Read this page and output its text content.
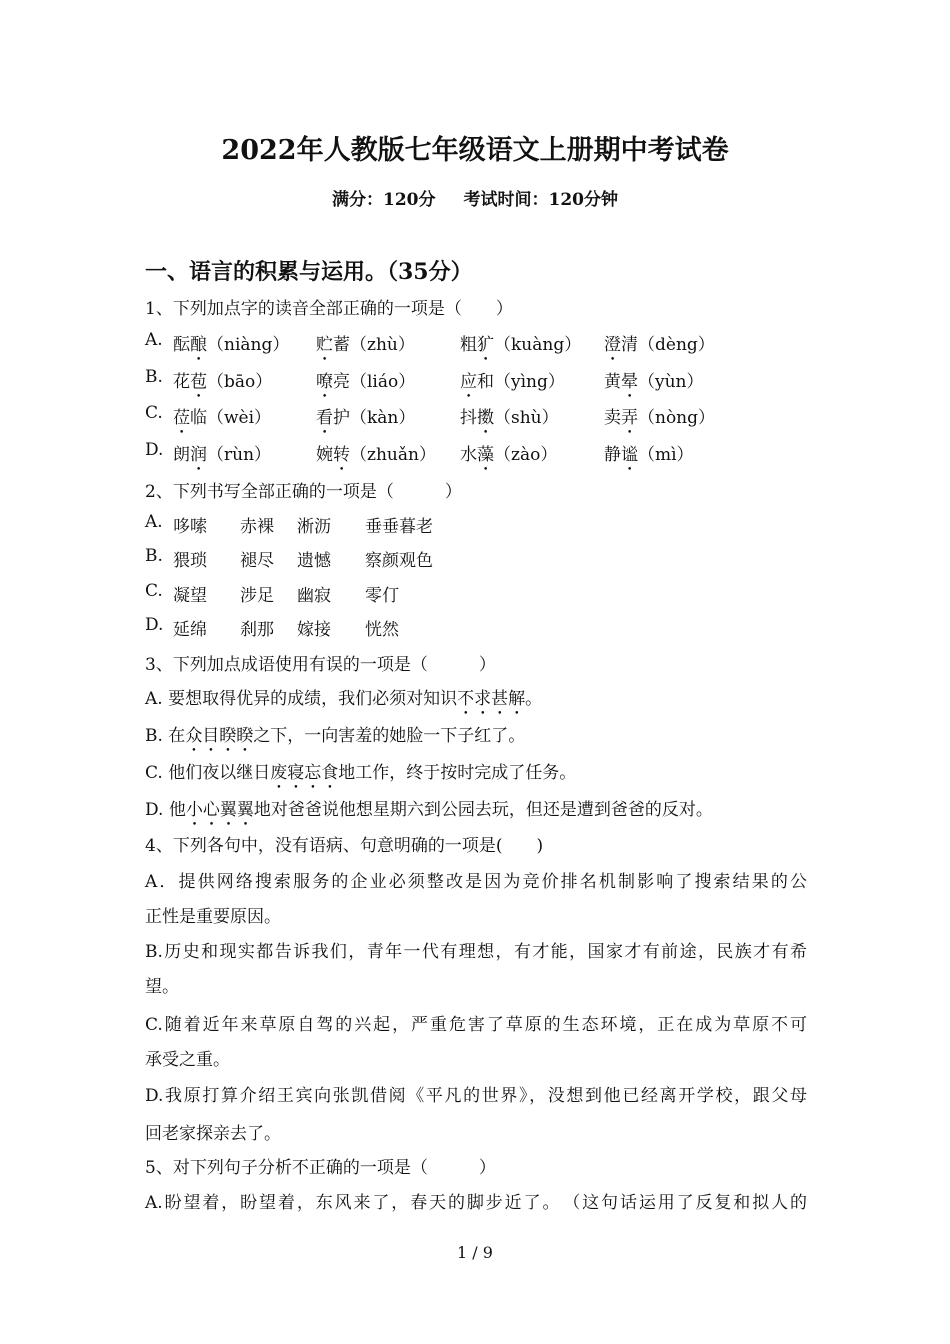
2022年人教版七年级语文上册期中考试卷
满分：120分 考试时间：120分钟
一、语言的积累与运用。（35分）
1、下列加点字的读音全部正确的一项是（　　）
A. 酝酿（niàng） 贮蓄（zhù）	粗犷（kuàng） 澄清（dèng）
B. 花苞（bāo）	嘹亮（liáo）	应和（yìng） 黄晕（yùn）
C. 莅临（wèi）	看护（kàn）	抖擞（shù）	卖弄（nòng）
D. 朗润（rùn）	婉转（zhuǎn） 水藻（zào）	静谧（mì）
2、下列书写全部正确的一项是（　　　）
A. 哆嗦 赤裸 淅沥 垂垂暮老
B. 猥琐 褪尽 遗憾 察颜观色
C. 凝望 涉足 幽寂 零仃
D. 延绵 刹那 嫁接 恍然
3、下列加点成语使用有误的一项是（　　　）
A. 要想取得优异的成绩，我们必须对知识不求甚解。
B. 在众目睽睽之下，一向害羞的她脸一下子红了。
C. 他们夜以继日废寝忘食地工作，终于按时完成了任务。
D. 他小心翼翼地对爸爸说他想星期六到公园去玩，但还是遭到爸爸的反对。
4、下列各句中，没有语病、句意明确的一项是(　　)
A．提供网络搜索服务的企业必须整改是因为竞价排名机制影响了搜索结果的公
正性是重要原因。
B.历史和现实都告诉我们，青年一代有理想，有才能，国家才有前途，民族才有希
望。
C.随着近年来草原自驾的兴起，严重危害了草原的生态环境，正在成为草原不可
承受之重。
D.我原打算介绍王宾向张凯借阅《平凡的世界》，没想到他已经离开学校，跟父母
回老家探亲去了。
5、对下列句子分析不正确的一项是（　　　）
A.盼望着，盼望着，东风来了，春天的脚步近了。　（这句话运用了反复和拟人的
1 / 9
